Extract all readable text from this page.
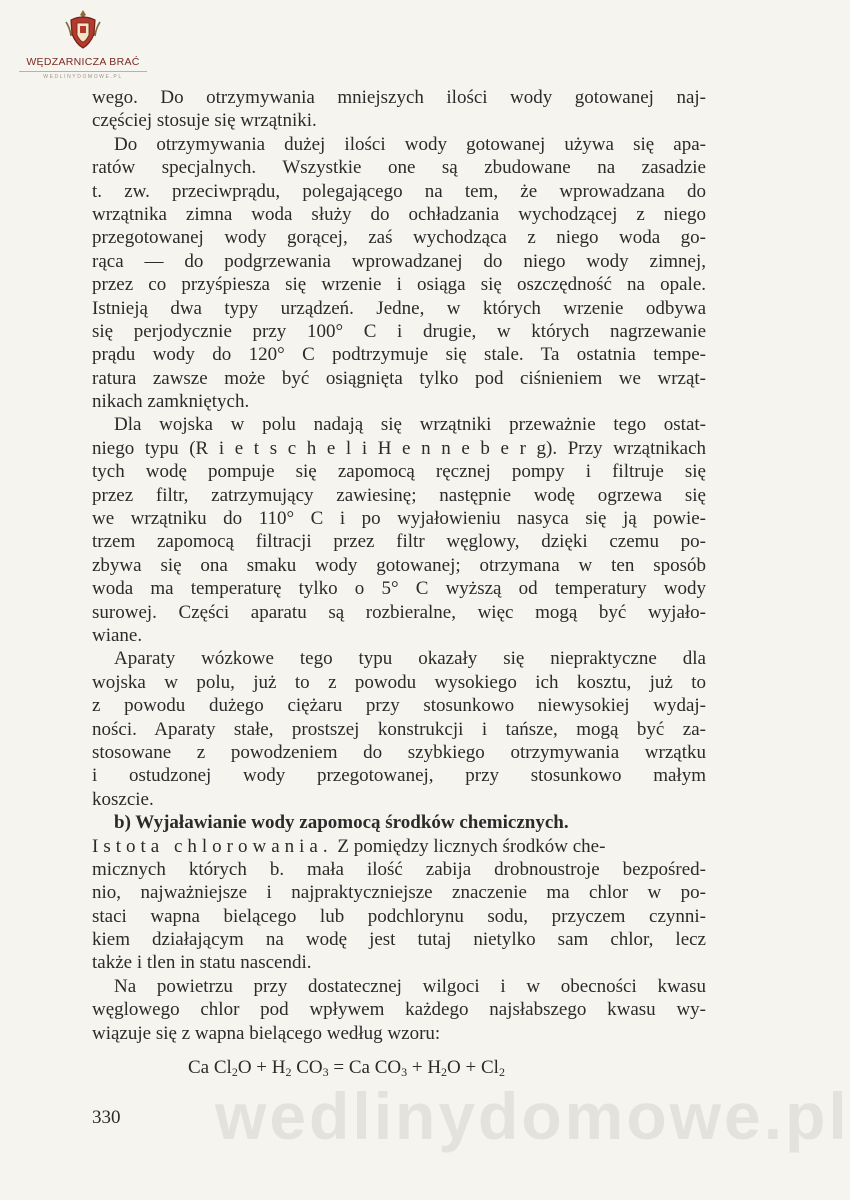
WĘDZARNICZA BRAĆ
WEDLINYDOMOWE.PL
wego. Do otrzymywania mniejszych ilości wody gotowanej naj-
częściej stosuje się wrzątniki.
Do otrzymywania dużej ilości wody gotowanej używa się apa-
ratów specjalnych. Wszystkie one są zbudowane na zasadzie
t. zw. przeciwprądu, polegającego na tem, że wprowadzana do
wrzątnika zimna woda służy do ochładzania wychodzącej z niego
przegotowanej wody gorącej, zaś wychodząca z niego woda go-
rąca — do podgrzewania wprowadzanej do niego wody zimnej,
przez co przyśpiesza się wrzenie i osiąga się oszczędność na opale.
Istnieją dwa typy urządzeń. Jedne, w których wrzenie odbywa
się perjodycznie przy 100° C i drugie, w których nagrzewanie
prądu wody do 120° C podtrzymuje się stale. Ta ostatnia tempe-
ratura zawsze może być osiągnięta tylko pod ciśnieniem we wrząt-
nikach zamkniętych.
Dla wojska w polu nadają się wrzątniki przeważnie tego ostat-
niego typu (R i e t s c h e l i H e n n e b e r g). Przy wrzątnikach
tych wodę pompuje się zapomocą ręcznej pompy i filtruje się
przez filtr, zatrzymujący zawiesinę; następnie wodę ogrzewa się
we wrzątniku do 110° C i po wyjałowieniu nasyca się ją powie-
trzem zapomocą filtracji przez filtr węglowy, dzięki czemu po-
zbywa się ona smaku wody gotowanej; otrzymana w ten sposób
woda ma temperaturę tylko o 5° C wyższą od temperatury wody
surowej. Części aparatu są rozbieralne, więc mogą być wyjało-
wiane.
Aparaty wózkowe tego typu okazały się niepraktyczne dla
wojska w polu, już to z powodu wysokiego ich kosztu, już to
z powodu dużego ciężaru przy stosunkowo niewysokiej wydaj-
ności. Aparaty stałe, prostszej konstrukcji i tańsze, mogą być za-
stosowane z powodzeniem do szybkiego otrzymywania wrzątku
i ostudzonej wody przegotowanej, przy stosunkowo małym
koszcie.
b) Wyjaławianie wody zapomocą środków chemicznych.
Istota chlorowania. Z pomiędzy licznych środków che-
micznych których b. mała ilość zabija drobnoustroje bezpośred-
nio, najważniejsze i najpraktyczniejsze znaczenie ma chlor w po-
staci wapna bielącego lub podchlorynu sodu, przyczem czynni-
kiem działającym na wodę jest tutaj nietylko sam chlor, lecz
także i tlen in statu nascendi.
Na powietrzu przy dostatecznej wilgoci i w obecności kwasu
węglowego chlor pod wpływem każdego najsłabszego kwasu wy-
wiązuje się z wapna bielącego według wzoru:
Ca $Cl_2O + H_2$ $CO_3 = Ca$ $CO_3 + H_2O + Cl_2$
wedlinydomowe.pl
330
